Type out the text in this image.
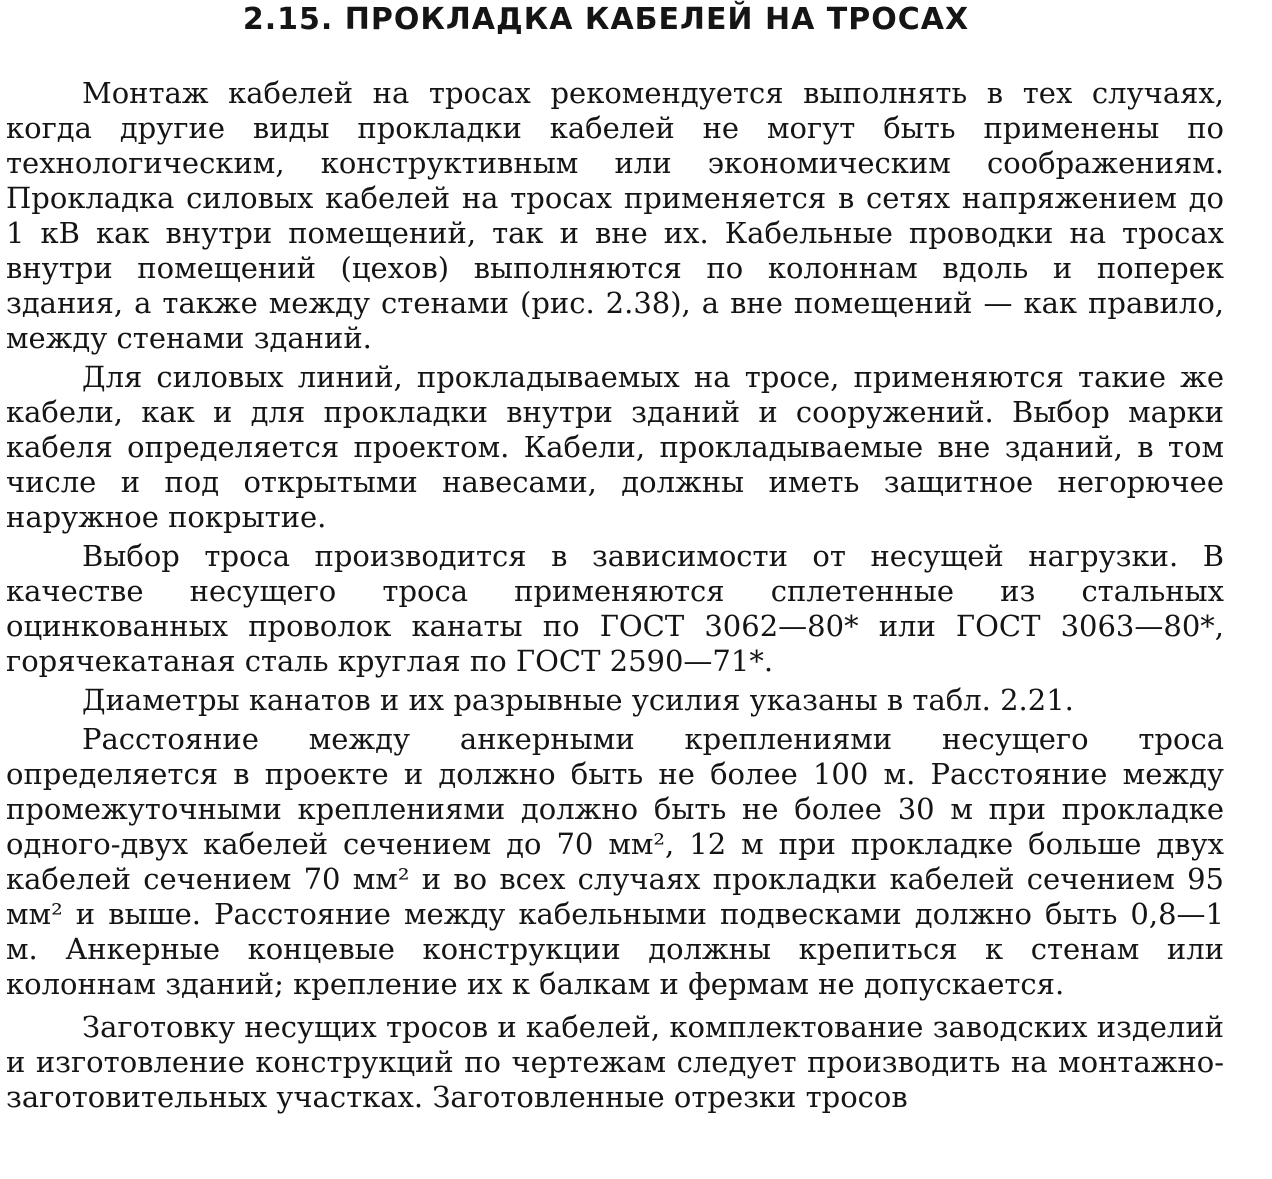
2.15. ПРОКЛАДКА КАБЕЛЕЙ НА ТРОСАХ

Монтаж кабелей на тросах рекомендуется выполнять в тех случаях, когда другие виды прокладки кабелей не могут быть применены по технологическим, конструктивным или экономическим соображениям. Прокладка силовых кабелей на тросах применяется в сетях напряжением до 1 кВ как внутри помещений, так и вне их. Кабельные проводки на тросах внутри помещений (цехов) выполняются по колоннам вдоль и поперек здания, а также между стенами (рис. 2.38), а вне помещений — как правило, между стенами зданий.

Для силовых линий, прокладываемых на тросе, применяются такие же кабели, как и для прокладки внутри зданий и сооружений. Выбор марки кабеля определяется проектом. Кабели, прокладываемые вне зданий, в том числе и под открытыми навесами, должны иметь защитное негорючее наружное покрытие.

Выбор троса производится в зависимости от несущей нагрузки. В качестве несущего троса применяются сплетенные из стальных оцинкованных проволок канаты по ГОСТ 3062—80* или ГОСТ 3063—80*, горячекатаная сталь круглая по ГОСТ 2590—71*.

Диаметры канатов и их разрывные усилия указаны в табл. 2.21.

Расстояние между анкерными креплениями несущего троса определяется в проекте и должно быть не более 100 м. Расстояние между промежуточными креплениями должно быть не более 30 м при прокладке одного-двух кабелей сечением до 70 мм², 12 м при прокладке больше двух кабелей сечением 70 мм² и во всех случаях прокладки кабелей сечением 95 мм² и выше. Расстояние между кабельными подвесками должно быть 0,8—1 м. Анкерные концевые конструкции должны крепиться к стенам или колоннам зданий; крепление их к балкам и фермам не допускается.

Заготовку несущих тросов и кабелей, комплектование заводских изделий и изготовление конструкций по чертежам следует производить на монтажно-заготовительных участках. Заготовленные отрезки тросов
